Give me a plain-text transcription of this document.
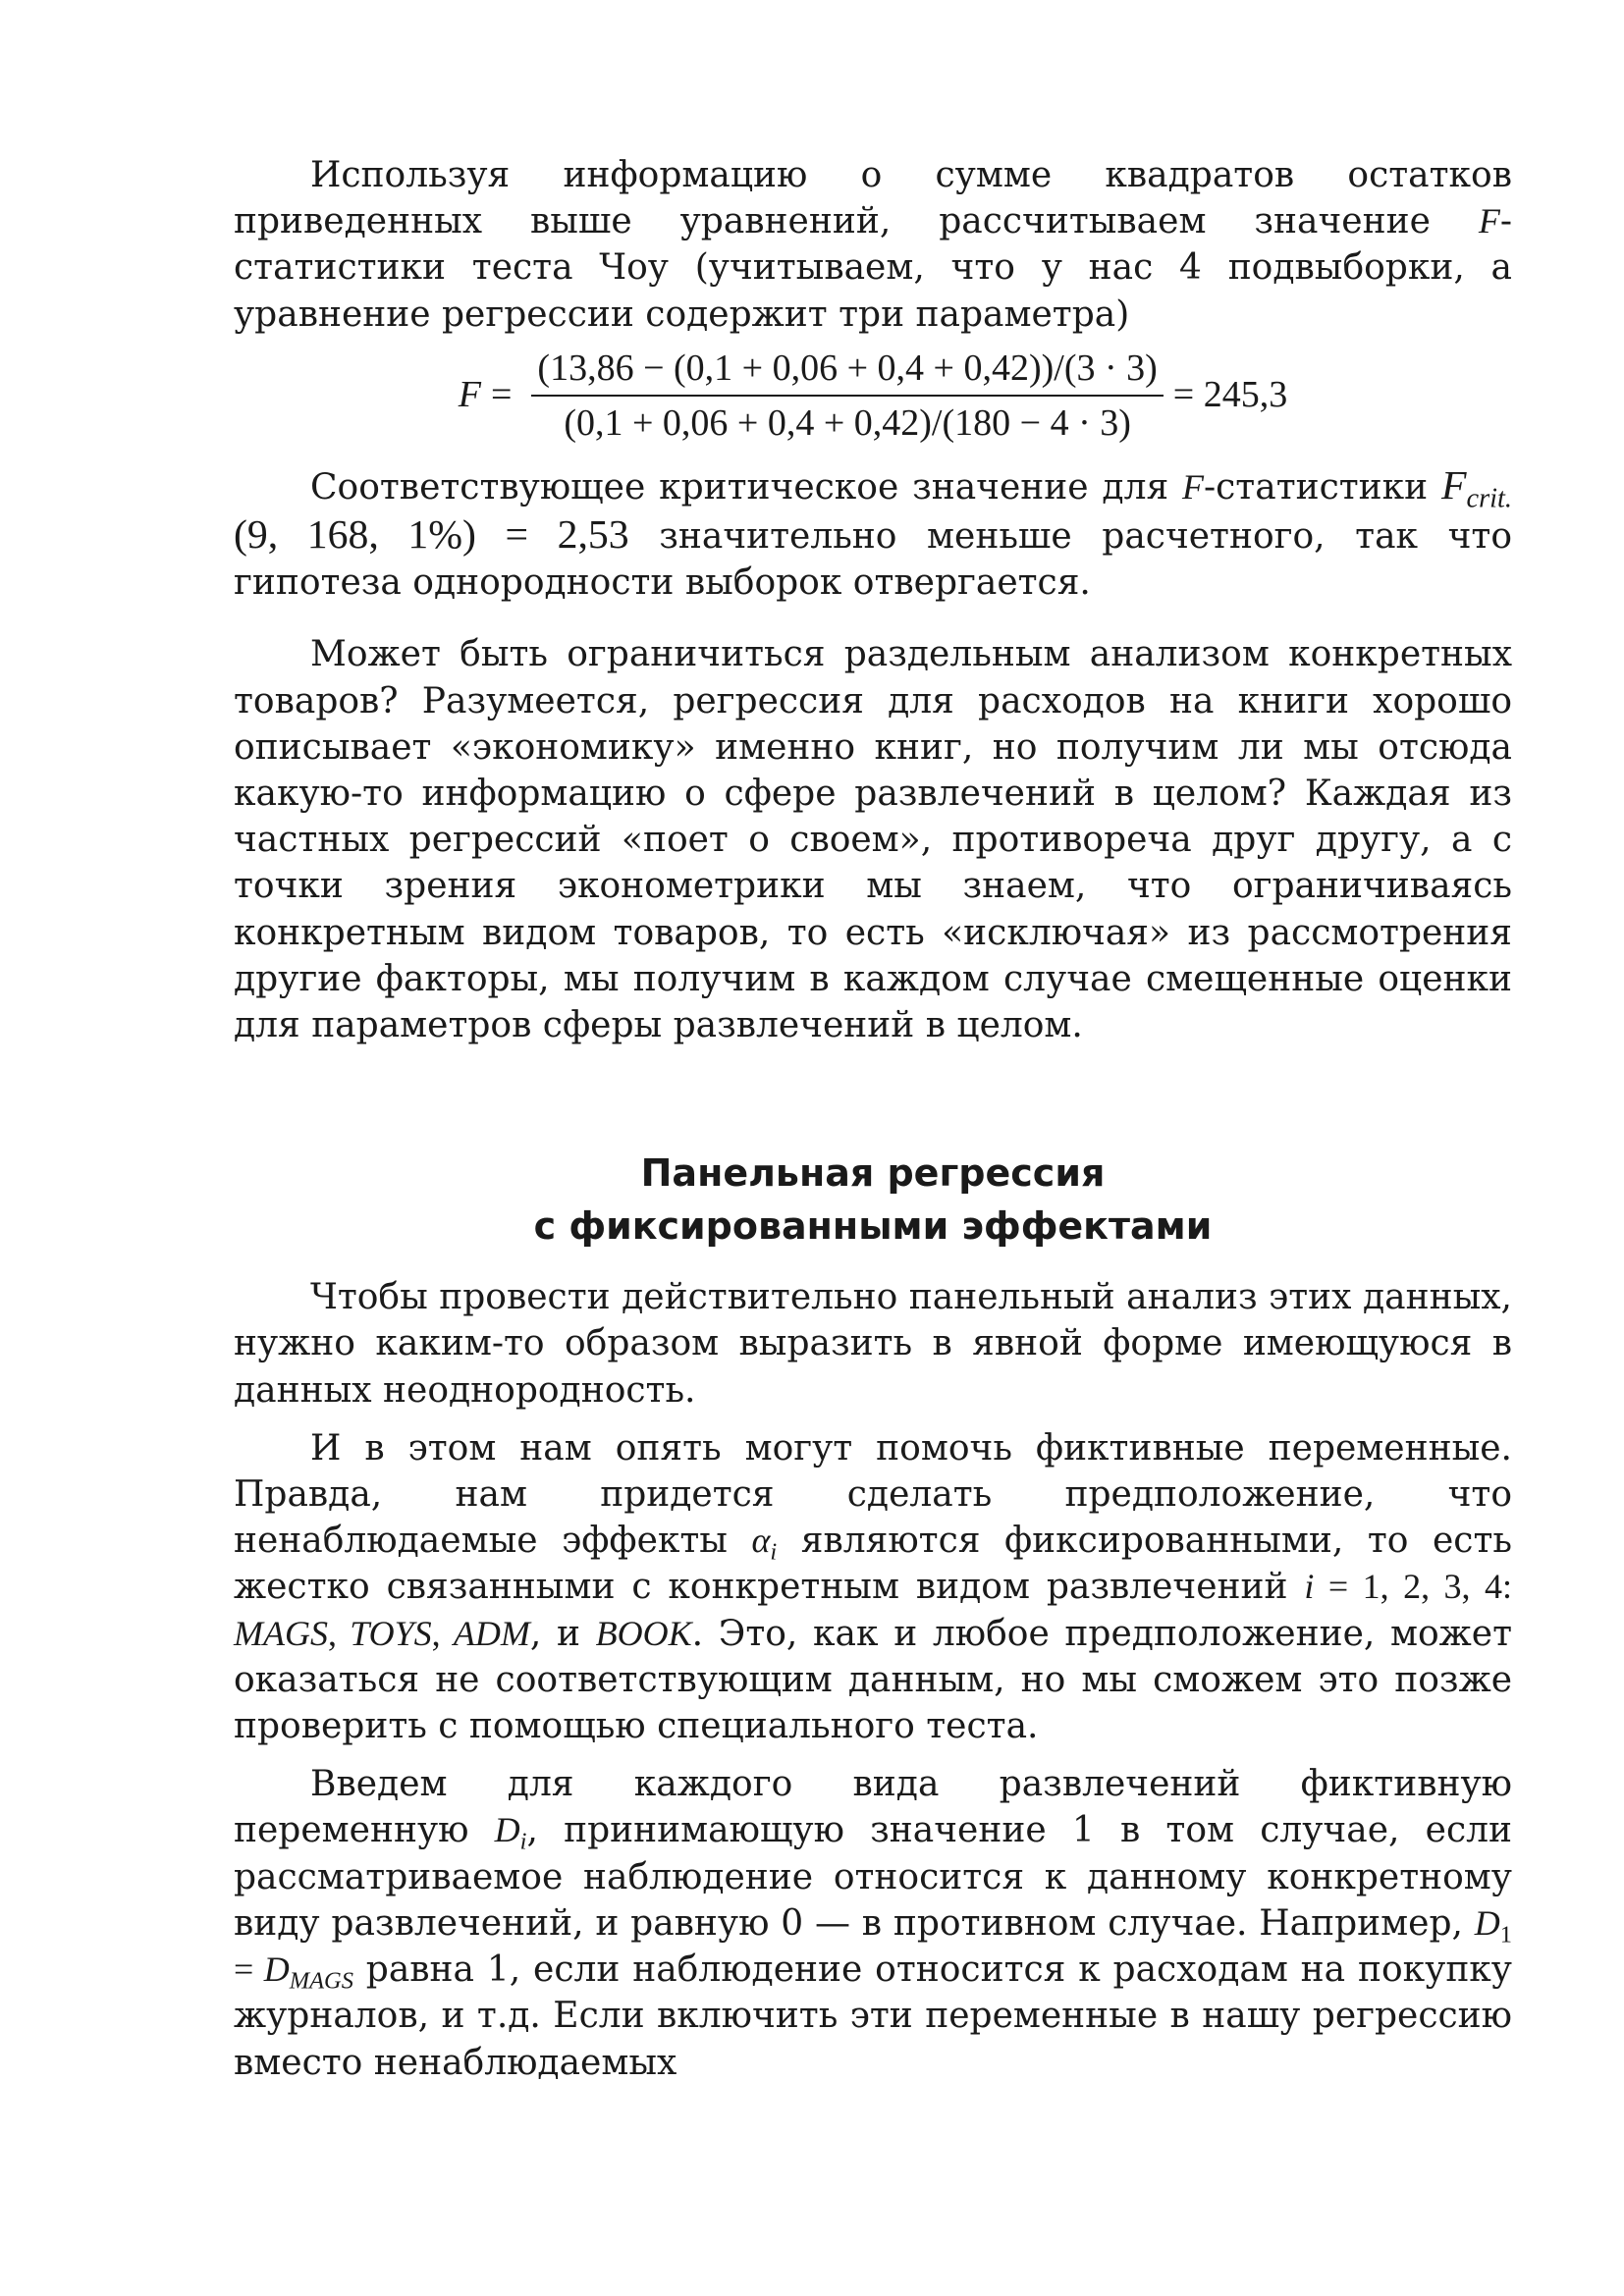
Используя информацию о сумме квадратов остатков приведенных выше уравнений, рассчитываем значение F-статистики теста Чоу (учитываем, что у нас 4 подвыборки, а уравнение регрессии содержит три параметра)

$F = \frac{(13,86 - (0,1 + 0,06 + 0,4 + 0,42))/(3 \cdot 3)}{(0,1 + 0,06 + 0,4 + 0,42)/(180 - 4 \cdot 3)} = 245,3$

Соответствующее критическое значение для F-статистики $F_{crit.}(9$, 168, 1%) = 2,53 значительно меньше расчетного, так что гипотеза однородности выборок отвергается.

Может быть ограничиться раздельным анализом конкретных товаров? Разумеется, регрессия для расходов на книги хорошо описывает «экономику» именно книг, но получим ли мы отсюда какую-то информацию о сфере развлечений в целом? Каждая из частных регрессий «поет о своем», противореча друг другу, а с точки зрения эконометрики мы знаем, что ограничиваясь конкретным видом товаров, то есть «исключая» из рассмотрения другие факторы, мы получим в каждом случае смещенные оценки для параметров сферы развлечений в целом.

Панельная регрессия

с фиксированными эффектами

Чтобы провести действительно панельный анализ этих данных, нужно каким-то образом выразить в явной форме имеющуюся в данных неоднородность.

И в этом нам опять могут помочь фиктивные переменные. Правда, нам придется сделать предположение, что ненаблюдаемые эффекты $\alpha_i$ являются фиксированными, то есть жестко связанными с конкретным видом развлечений i = 1, 2, 3, 4: MAGS, TOYS, ADM, и BOOK. Это, как и любое предположение, может оказаться не соответствующим данным, но мы сможем это позже проверить с помощью специального теста.

Введем для каждого вида развлечений фиктивную переменную $D_i$, принимающую значение 1 в том случае, если рассматриваемое наблюдение относится к данному конкретному виду развлечений, и равную 0 — в противном случае. Например, $D_1 = D_{MAGS}$ равна 1, если наблюдение относится к расходам на покупку журналов, и т.д. Если включить эти переменные в нашу регрессию вместо ненаблюдаемых
